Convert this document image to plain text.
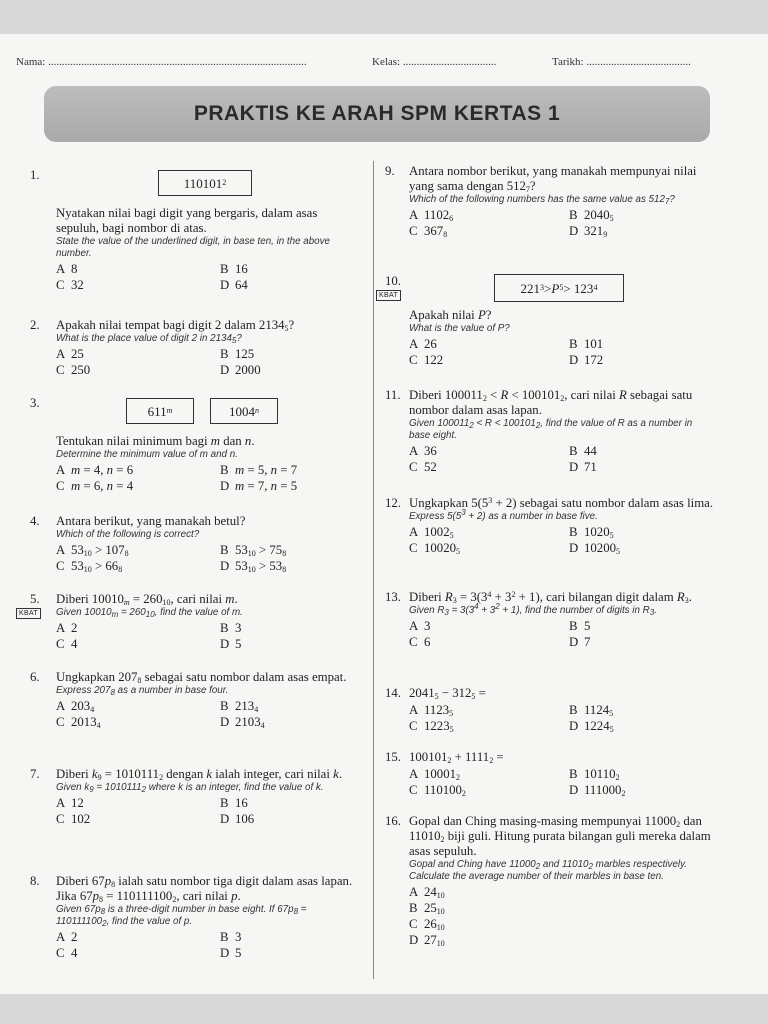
Nama: ..............................................................................................	Kelas: ..................................	Tarikh: ......................................
PRAKTIS KE ARAH SPM KERTAS 1
1.
Nyatakan nilai bagi digit yang bergaris, dalam asas sepuluh, bagi nombor di atas.
State the value of the underlined digit, in base ten, in the above number.
A 8	B 16
C 32	D 64
110101 2
2. Apakah nilai tempat bagi digit 2 dalam $2134_5$?
What is the place value of digit 2 in $2134_5$?
A 25	B 125
C 250	D 2000
3.
Tentukan nilai minimum bagi m dan n.
Determine the minimum value of m and n.
A m = 4, n = 6	B m = 5, n = 7
C m = 6, n = 4	D m = 7, n = 5
611 m	1004 n
4. Antara berikut, yang manakah betul?
Which of the following is correct?
A $53_{10} > 107_8$	B $53_{10} > 75_8$
C $53_{10} > 66_8$	D $53_{10} > 53_8$
5. Diberi $10010_m = 260_{10}$, cari nilai m.
Given $10010_m = 260_{10}$, find the value of m.
A 2	B 3
C 4	D 5
KBAT
6. Ungkapkan $207_8$ sebagai satu nombor dalam asas empat.
Express $207_8$ as a number in base four.
A $203_4$	B $213_4$
C $2013_4$	D $2103_4$
7. Diberi $k_9 = 1010111_2$ dengan k ialah integer, cari nilai k.
Given $k_9 = 1010111_2$ where k is an integer, find the value of k.
A 12	B 16
C 102	D 106
8. Diberi $67p_8$ ialah satu nombor tiga digit dalam asas lapan. Jika $67p_8 = 110111100_2$, cari nilai p.
Given $67p_8$ is a three-digit number in base eight. If $67p_8 = 110111100_2$, find the value of p.
A 2	B 3
C 4	D 5
9. Antara nombor berikut, yang manakah mempunyai nilai yang sama dengan $512_7$?
Which of the following numbers has the same value as $512_7$?
A $1102_6$	B $2040_5$
C $367_8$	D $321_9$
10.
Apakah nilai P?
What is the value of P?
A 26	B 101
C 122	D 172
KBAT	221 3 > P 5 > 123 4
11. Diberi $100011_2 < R < 100101_2$, cari nilai R sebagai satu nombor dalam asas lapan.
Given $100011_2 < R < 100101_2$, find the value of R as a number in base eight.
A 36	B 44
C 52	D 71
12. Ungkapkan $5(5^3 + 2)$ sebagai satu nombor dalam asas lima.
Express $5(5^3 + 2)$ as a number in base five.
A $1002_5$	B $1020_5$
C $10020_5$	D $10200_5$
13. Diberi $R_3 = 3(3^4 + 3^2 + 1)$, cari bilangan digit dalam $R_3$.
Given $R_3 = 3(3^4 + 3^2 + 1)$, find the number of digits in $R_3$.
A 3	B 5
C 6	D 7
14. $2041_5 - 312_5$ =
A $1123_5$	B $1124_5$
C $1223_5$	D $1224_5$
15. $100101_2 + 1111_2$ =
A $10001_2$	B $10110_2$
C $110100_2$	D $111000_2$
16. Gopal dan Ching masing-masing mempunyai $11000_2$ dan $11010_2$ biji guli. Hitung purata bilangan guli mereka dalam asas sepuluh.
Gopal and Ching have $11000_2$ and $11010_2$ marbles respectively. Calculate the average number of their marbles in base ten.
A $24_{10}$
B $25_{10}$
C $26_{10}$
D $27_{10}$
